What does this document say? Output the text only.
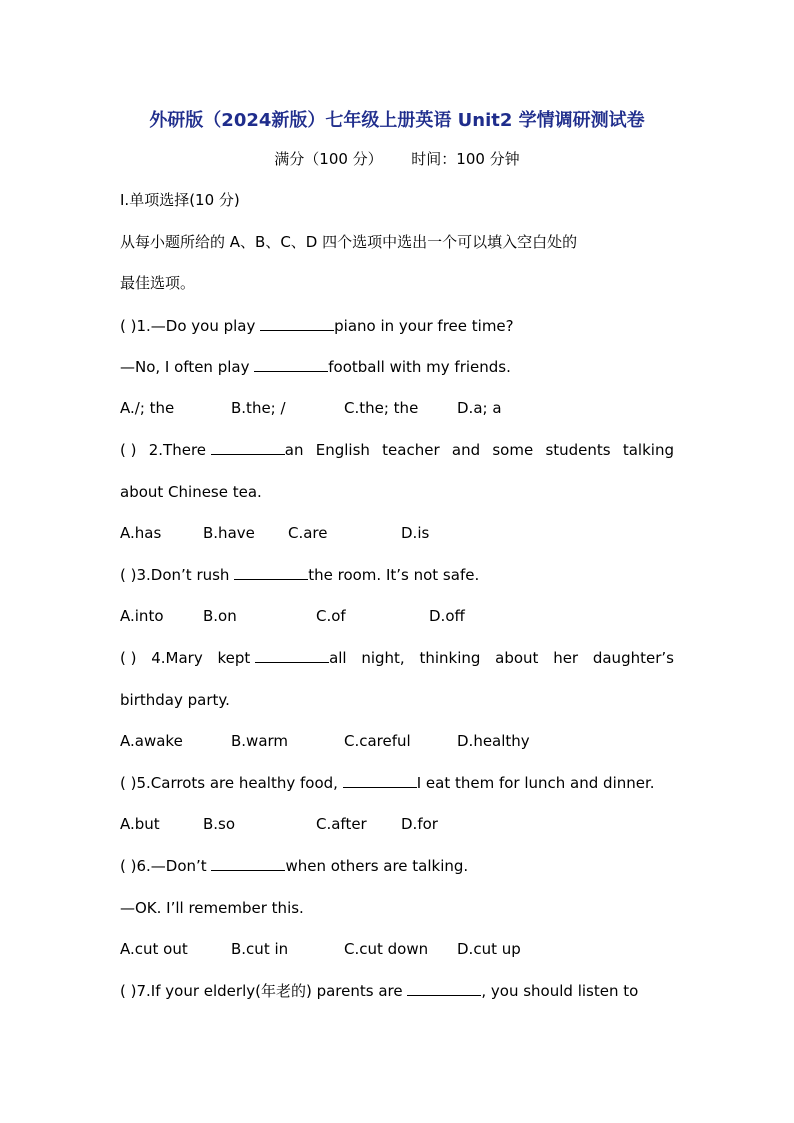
外研版（2024新版）七年级上册英语 Unit2 学情调研测试卷
满分（100 分）      时间：100 分钟
Ⅰ.单项选择(10 分)
从每小题所给的 A、B、C、D 四个选项中选出一个可以填入空白处的
最佳选项。
( )1.—Do you play	piano in your free time?
—No, I often play	football with my friends.
A./; the	B.the; /	C.the; the	D.a; a
( ) 2.There	an English teacher and some students talking
about Chinese tea.
A.has	B.have	C.are	D.is
( )3.Don’t rush	the room. It’s not safe.
A.into	B.on	C.of	D.off
( ) 4.Mary kept	all night, thinking about her daughter’s
birthday party.
A.awake	B.warm	C.careful	D.healthy
( )5.Carrots are healthy food,	I eat them for lunch and dinner.
A.but	B.so	C.after	D.for
( )6.—Don’t	when others are talking.
—OK. I’ll remember this.
A.cut out	B.cut in	C.cut down	D.cut up
( )7.If your elderly(年老的) parents are	, you should listen to
